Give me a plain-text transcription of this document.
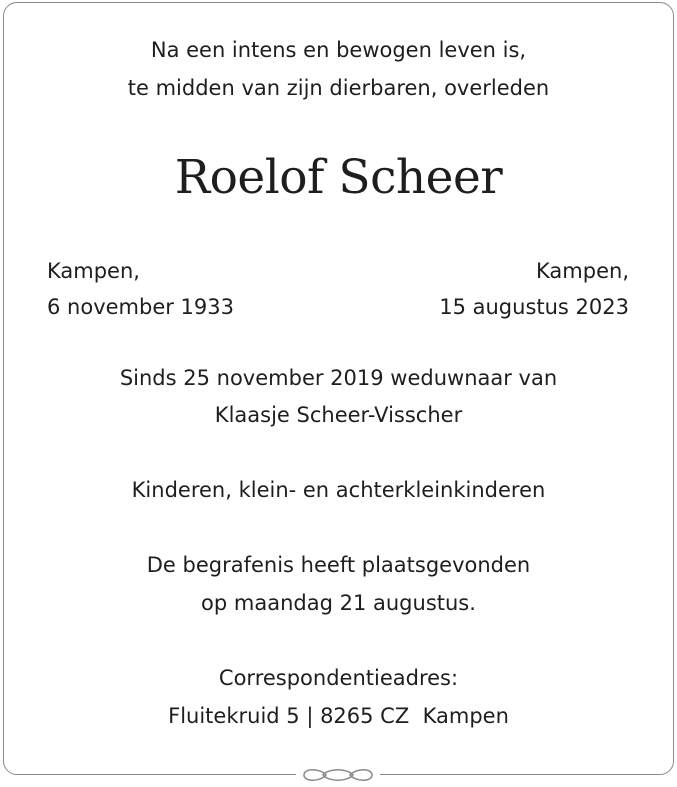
Na een intens en bewogen leven is,
te midden van zijn dierbaren, overleden
Roelof Scheer
Kampen,
6 november 1933
Kampen,
15 augustus 2023
Sinds 25 november 2019 weduwnaar van
Klaasje Scheer-Visscher
Kinderen, klein- en achterkleinkinderen
De begrafenis heeft plaatsgevonden
op maandag 21 augustus.
Correspondentieadres:
Fluitekruid 5 | 8265 CZ  Kampen
